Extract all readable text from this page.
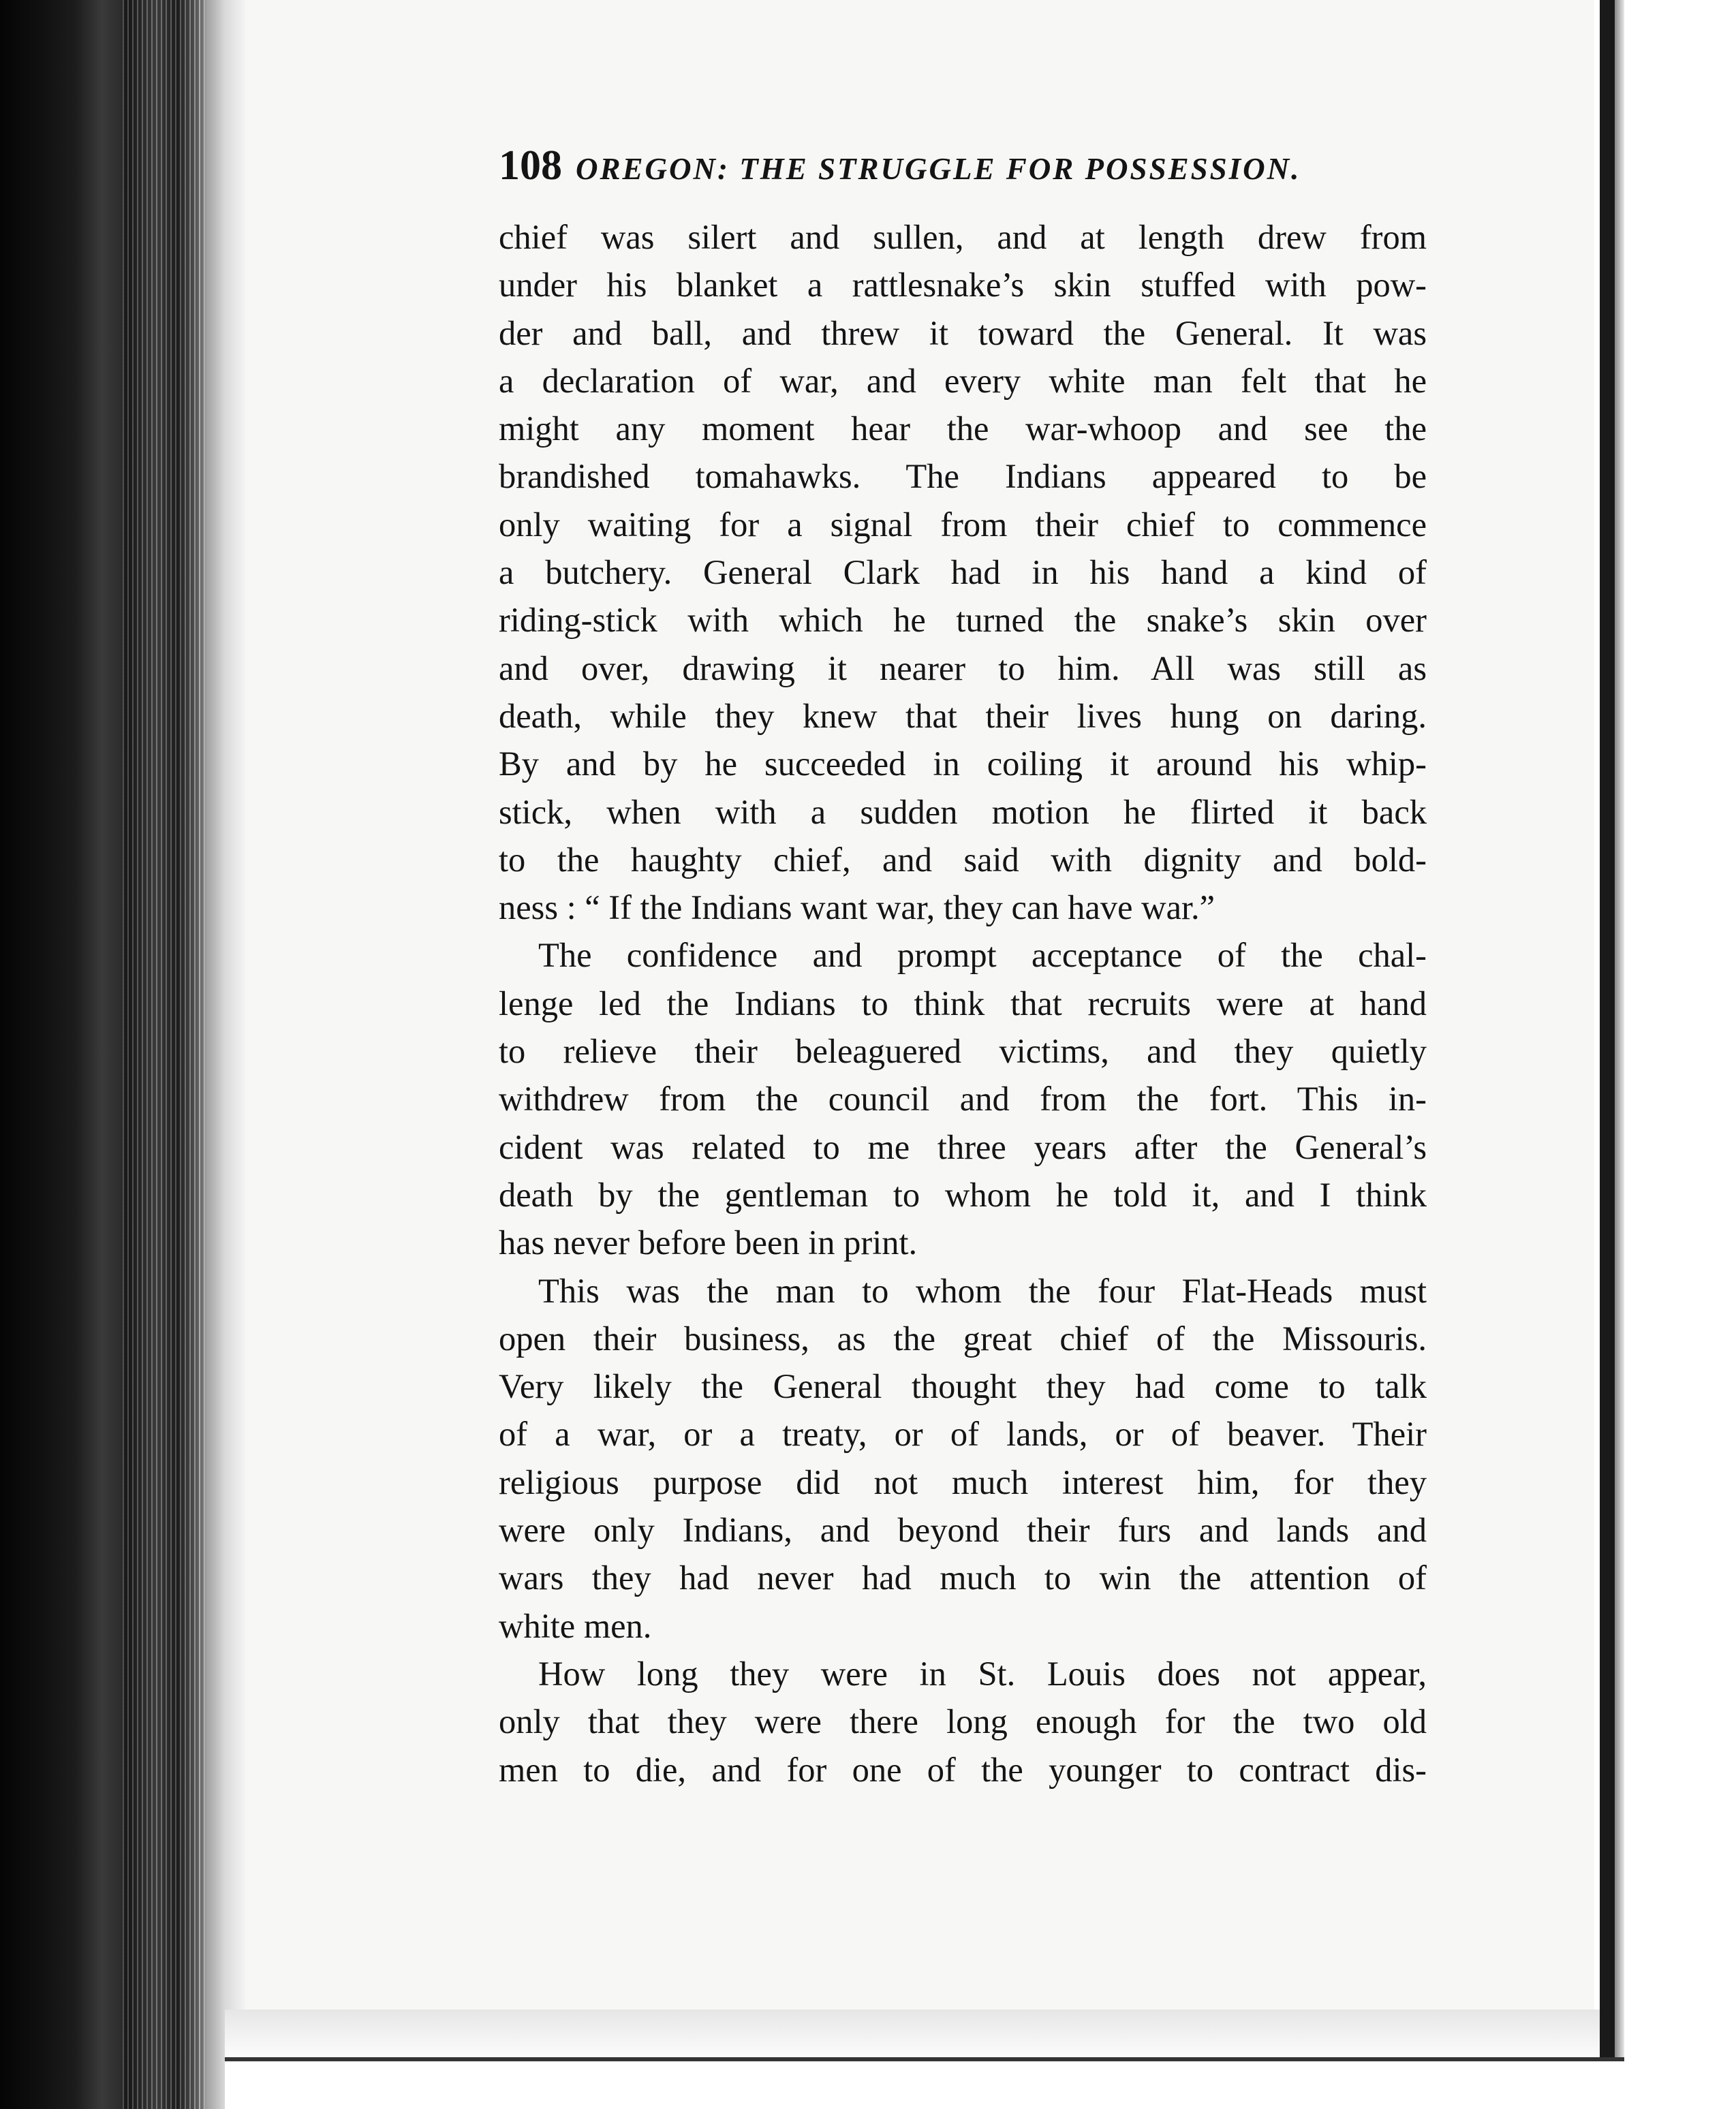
108 OREGON: THE STRUGGLE FOR POSSESSION.
chief was silert and sullen, and at length drew from
under his blanket a rattlesnake’s skin stuffed with pow-
der and ball, and threw it toward the General. It was
a declaration of war, and every white man felt that he
might any moment hear the war-whoop and see the
brandished tomahawks. The Indians appeared to be
only waiting for a signal from their chief to commence
a butchery. General Clark had in his hand a kind of
riding-stick with which he turned the snake’s skin over
and over, drawing it nearer to him. All was still as
death, while they knew that their lives hung on daring.
By and by he succeeded in coiling it around his whip-
stick, when with a sudden motion he flirted it back
to the haughty chief, and said with dignity and bold-
ness : “ If the Indians want war, they can have war.”
The confidence and prompt acceptance of the chal-
lenge led the Indians to think that recruits were at hand
to relieve their beleaguered victims, and they quietly
withdrew from the council and from the fort. This in-
cident was related to me three years after the General’s
death by the gentleman to whom he told it, and I think
has never before been in print.
This was the man to whom the four Flat-Heads must
open their business, as the great chief of the Missouris.
Very likely the General thought they had come to talk
of a war, or a treaty, or of lands, or of beaver. Their
religious purpose did not much interest him, for they
were only Indians, and beyond their furs and lands and
wars they had never had much to win the attention of
white men.
How long they were in St. Louis does not appear,
only that they were there long enough for the two old
men to die, and for one of the younger to contract dis-
